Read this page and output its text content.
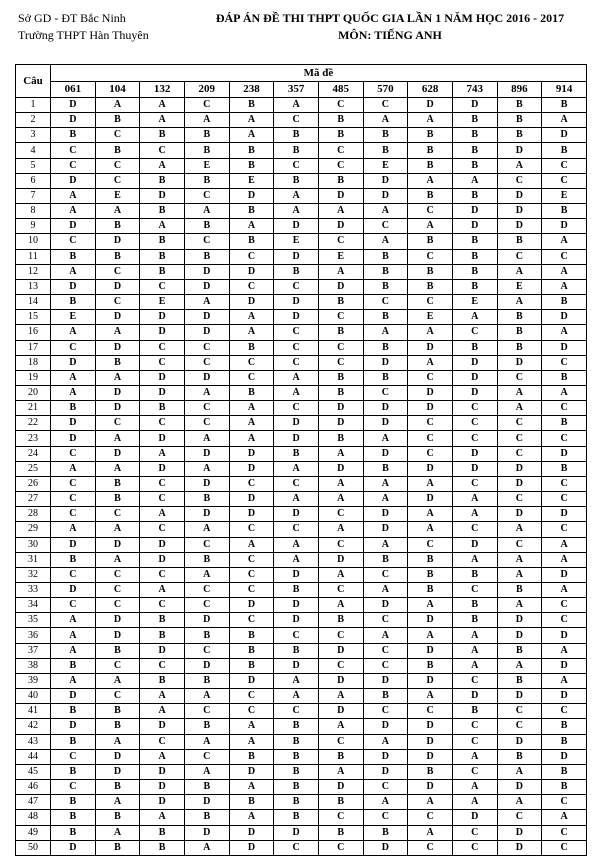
Sở GD - ĐT Bắc Ninh
Trường THPT Hàn Thuyên
ĐÁP ÁN ĐỀ THI THPT QUỐC GIA LẦN 1 NĂM HỌC 2016 - 2017
MÔN: TIẾNG ANH
Câu	Mã đề											
	061	104	132	209	238	357	485	570	628	743	896	914
1	D	A	A	C	B	A	C	C	D	D	B	B
2	D	B	A	A	A	C	B	A	A	B	B	A
3	B	C	B	B	A	B	B	B	B	B	B	D
4	C	B	C	B	B	B	C	B	B	B	D	B
5	C	C	A	E	B	C	C	E	B	B	A	C
6	D	C	B	B	E	B	B	D	A	A	C	C
7	A	E	D	C	D	A	D	D	B	B	D	E
8	A	A	B	A	B	A	A	A	C	D	D	B
9	D	B	A	B	A	D	D	C	A	D	D	D
10	C	D	B	C	B	E	C	A	B	B	B	A
11	B	B	B	B	C	D	E	B	C	B	C	C
12	A	C	B	D	D	B	A	B	B	B	A	A
13	D	D	C	D	C	C	D	B	B	B	E	A
14	B	C	E	A	D	D	B	C	C	E	A	B
15	E	D	D	D	A	D	C	B	E	A	B	D
16	A	A	D	D	A	C	B	A	A	C	B	A
17	C	D	C	C	B	C	C	B	D	B	B	D
18	D	B	C	C	C	C	C	D	A	D	D	C
19	A	A	D	D	C	A	B	B	C	D	C	B
20	A	D	D	A	B	A	B	C	D	D	A	A
21	B	D	B	C	A	C	D	D	D	C	A	C
22	D	C	C	C	A	D	D	D	C	C	C	B
23	D	A	D	A	A	D	B	A	C	C	C	C
24	C	D	A	D	D	B	A	D	C	D	C	D
25	A	A	D	A	D	A	D	B	D	D	D	B
26	C	B	C	D	C	C	A	A	A	C	D	C
27	C	B	C	B	D	A	A	A	D	A	C	C
28	C	C	A	D	D	D	C	D	A	A	D	D
29	A	A	C	A	C	C	A	D	A	C	A	C
30	D	D	D	C	A	A	C	A	C	D	C	A
31	B	A	D	B	C	A	D	B	B	A	A	A
32	C	C	C	A	C	D	A	C	B	B	A	D
33	D	C	A	C	C	B	C	A	B	C	B	A
34	C	C	C	C	D	D	A	D	A	B	A	C
35	A	D	B	D	C	D	B	C	D	B	D	C
36	A	D	B	B	B	C	C	A	A	A	D	D
37	A	B	D	C	B	B	D	C	D	A	B	A
38	B	C	C	D	B	D	C	C	B	A	A	D
39	A	A	B	B	D	A	D	D	D	C	B	A
40	D	C	A	A	C	A	A	B	A	D	D	D
41	B	B	A	C	C	C	D	C	C	B	C	C
42	D	B	D	B	A	B	A	D	D	C	C	B
43	B	A	C	A	A	B	C	A	D	C	D	B
44	C	D	A	C	B	B	B	D	D	A	B	D
45	B	D	D	A	D	B	A	D	B	C	A	B
46	C	B	D	B	A	B	D	C	D	A	D	B
47	B	A	D	D	B	B	B	A	A	A	A	C
48	B	B	A	B	A	B	C	C	C	D	C	A
49	B	A	B	D	D	D	B	B	A	C	D	C
50	D	B	B	A	D	C	C	D	C	C	D	C
